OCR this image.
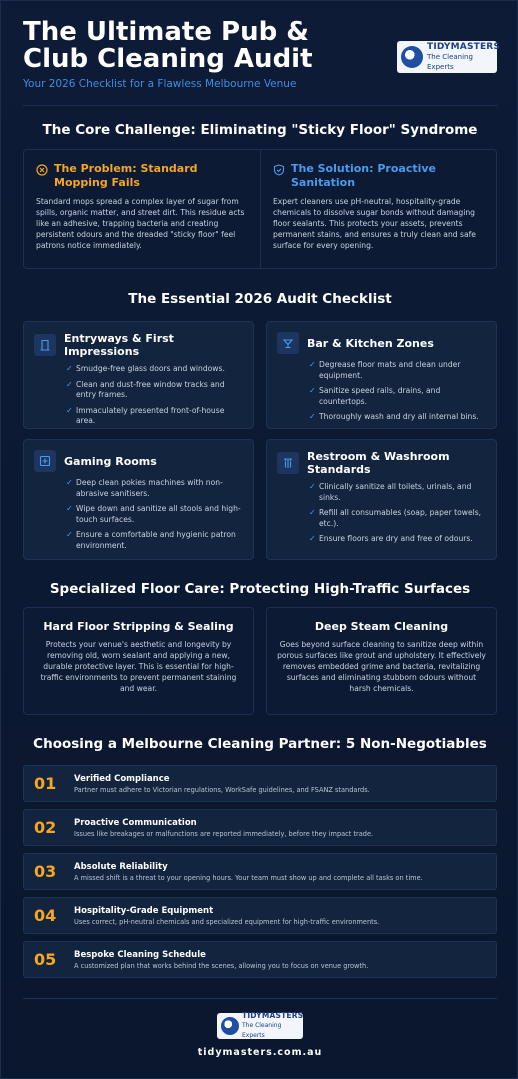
The Ultimate Pub & Club Cleaning Audit
Your 2026 Checklist for a Flawless Melbourne Venue
TIDYMASTERS
The Cleaning Experts
The Core Challenge: Eliminating "Sticky Floor" Syndrome
The Problem: Standard Mopping Fails
Standard mops spread a complex layer of sugar from spills, organic matter, and street dirt. This residue acts like an adhesive, trapping bacteria and creating persistent odours and the dreaded "sticky floor" feel patrons notice immediately.
The Solution: Proactive Sanitation
Expert cleaners use pH-neutral, hospitality-grade chemicals to dissolve sugar bonds without damaging floor sealants. This protects your assets, prevents permanent stains, and ensures a truly clean and safe surface for every opening.
The Essential 2026 Audit Checklist
Entryways & First Impressions
✓ Smudge-free glass doors and windows.
✓ Clean and dust-free window tracks and entry frames.
✓ Immaculately presented front-of-house area.
Bar & Kitchen Zones
✓ Degrease floor mats and clean under equipment.
✓ Sanitize speed rails, drains, and countertops.
✓ Thoroughly wash and dry all internal bins.
Gaming Rooms
✓ Deep clean pokies machines with non-abrasive sanitisers.
✓ Wipe down and sanitize all stools and high-touch surfaces.
✓ Ensure a comfortable and hygienic patron environment.
Restroom & Washroom Standards
✓ Clinically sanitize all toilets, urinals, and sinks.
✓ Refill all consumables (soap, paper towels, etc.).
✓ Ensure floors are dry and free of odours.
Specialized Floor Care: Protecting High-Traffic Surfaces
Hard Floor Stripping & Sealing
Protects your venue's aesthetic and longevity by removing old, worn sealant and applying a new, durable protective layer. This is essential for high-traffic environments to prevent permanent staining and wear.
Deep Steam Cleaning
Goes beyond surface cleaning to sanitize deep within porous surfaces like grout and upholstery. It effectively removes embedded grime and bacteria, revitalizing surfaces and eliminating stubborn odours without harsh chemicals.
Choosing a Melbourne Cleaning Partner: 5 Non-Negotiables
01	Verified Compliance
Partner must adhere to Victorian regulations, WorkSafe guidelines, and FSANZ standards.
02	Proactive Communication
Issues like breakages or malfunctions are reported immediately, before they impact trade.
03	Absolute Reliability
A missed shift is a threat to your opening hours. Your team must show up and complete all tasks on time.
04	Hospitality-Grade Equipment
Uses correct, pH-neutral chemicals and specialized equipment for high-traffic environments.
05	Bespoke Cleaning Schedule
A customized plan that works behind the scenes, allowing you to focus on venue growth.
TIDYMASTERS
The Cleaning Experts
tidymasters.com.au
